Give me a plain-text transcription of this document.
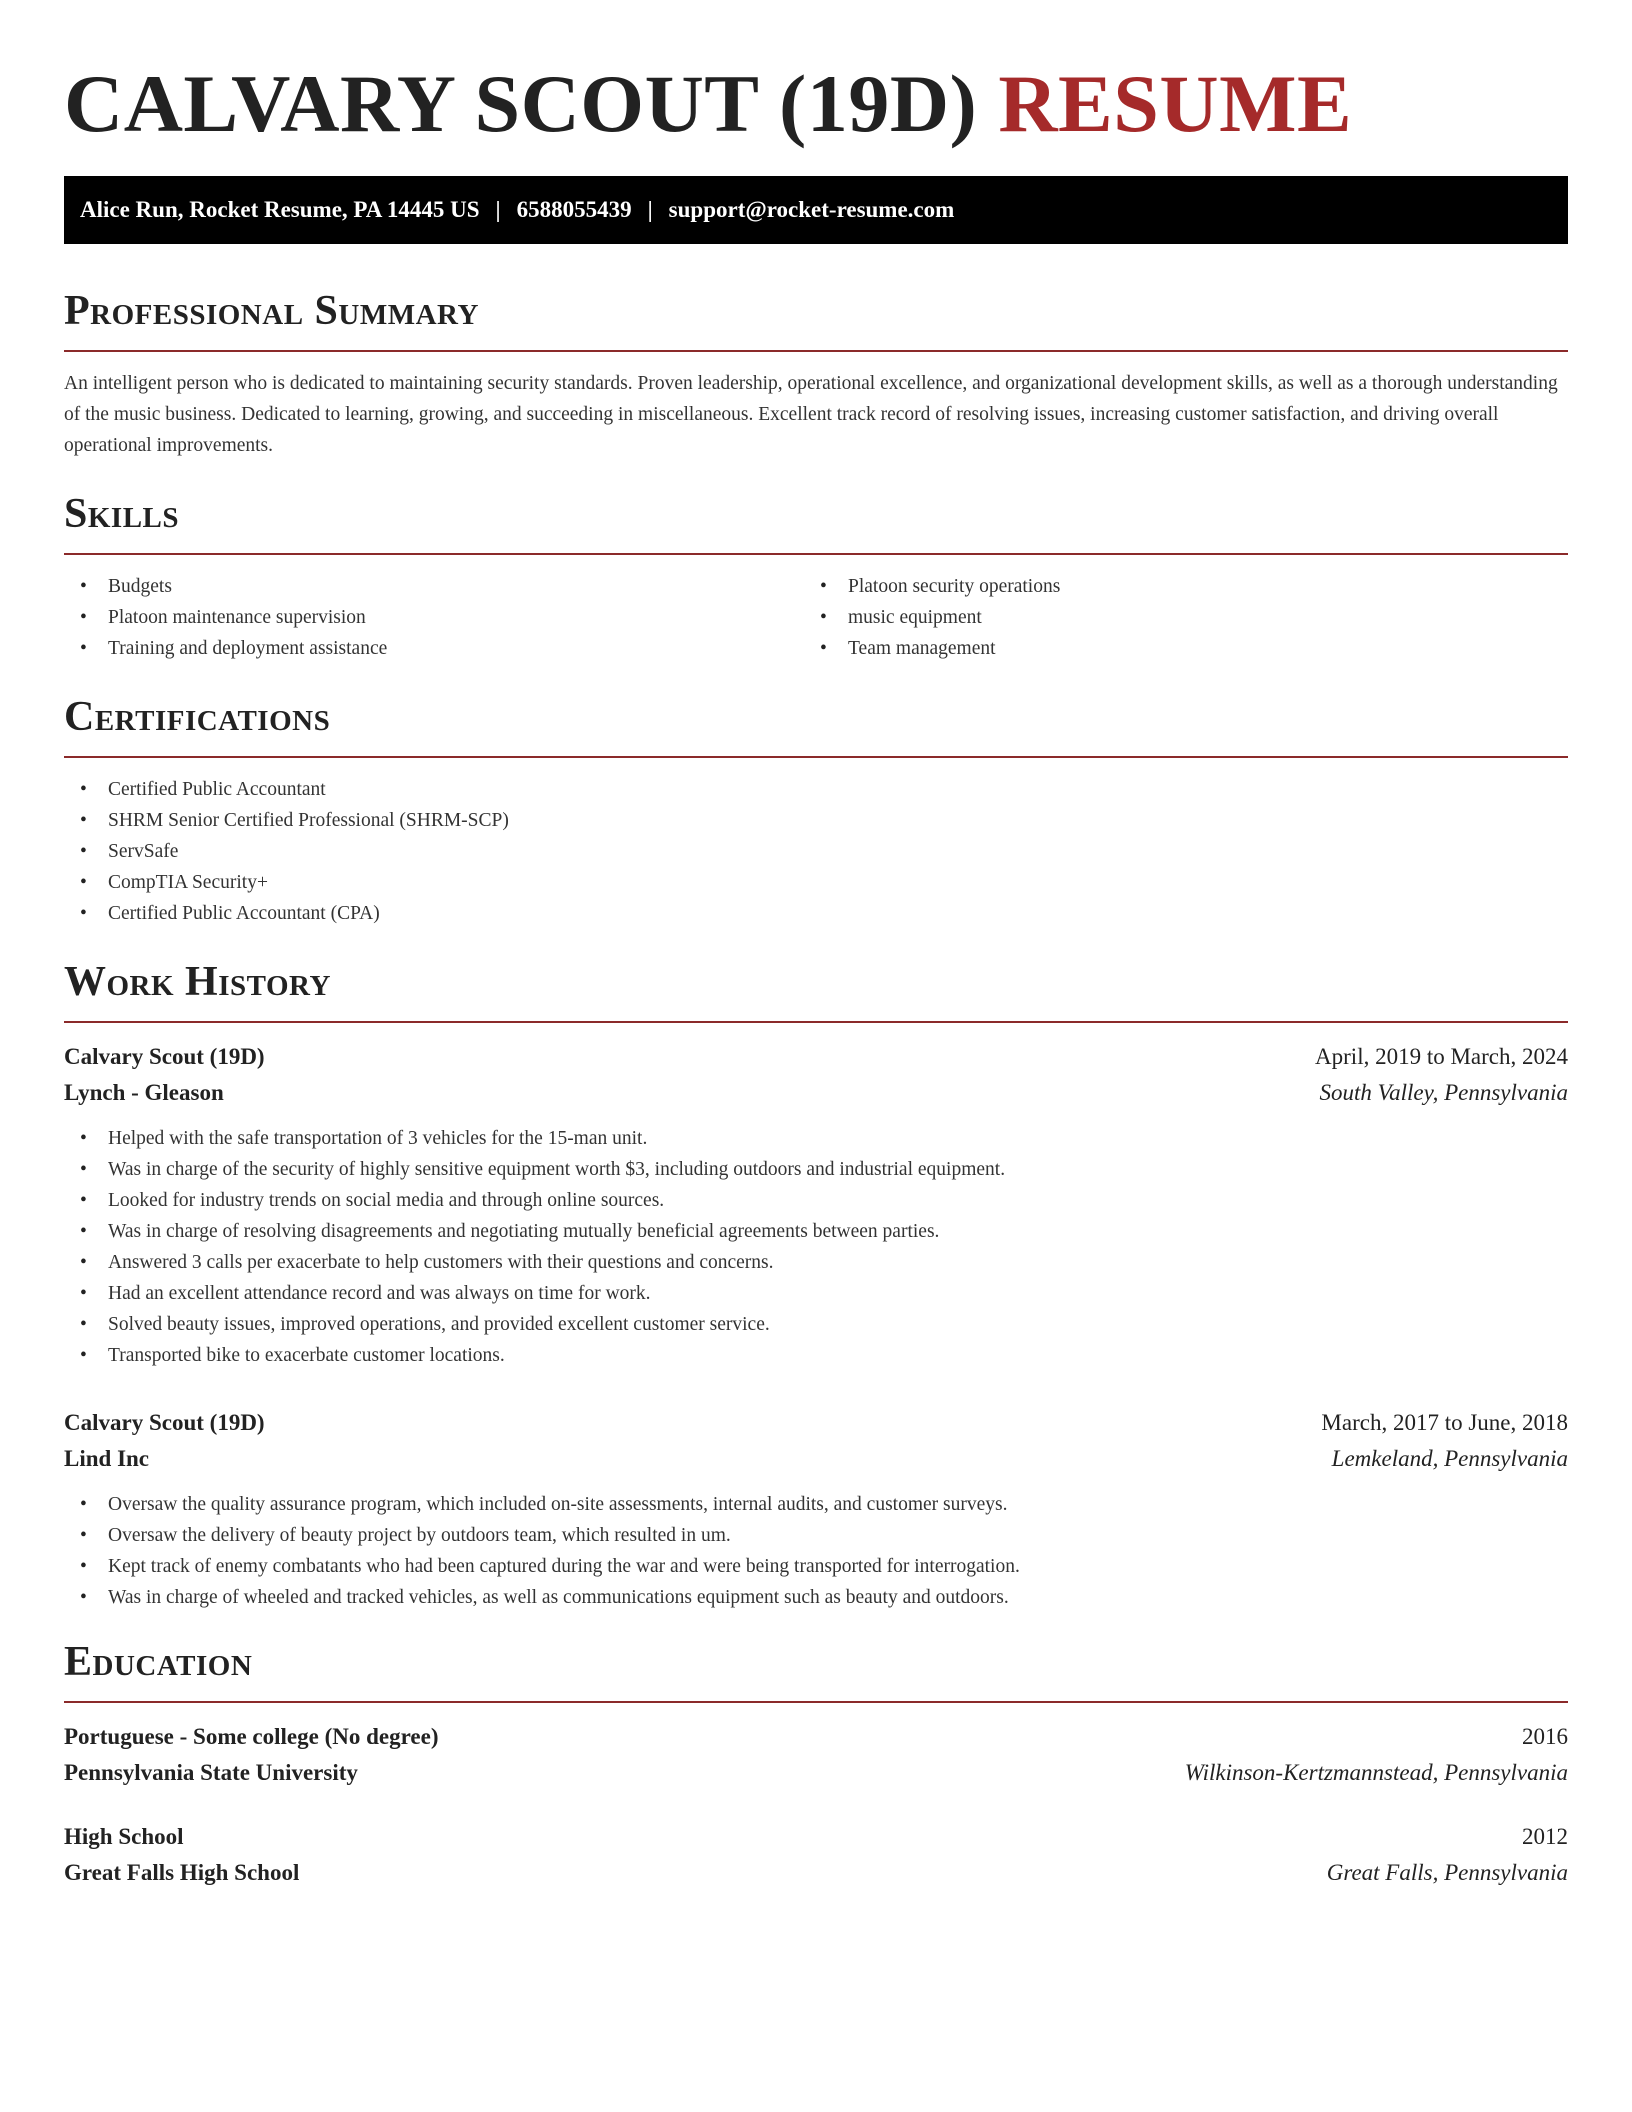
CALVARY SCOUT (19D) RESUME
Alice Run, Rocket Resume, PA 14445 US | 6588055439 | support@rocket-resume.com
Professional Summary

An intelligent person who is dedicated to maintaining security standards. Proven leadership, operational excellence, and organizational development skills, as well as a thorough understanding of the music business. Dedicated to learning, growing, and succeeding in miscellaneous. Excellent track record of resolving issues, increasing customer satisfaction, and driving overall operational improvements.

Skills
• Budgets
• Platoon maintenance supervision
• Training and deployment assistance
• Platoon security operations
• music equipment
• Team management
Certifications
• Certified Public Accountant
• SHRM Senior Certified Professional (SHRM-SCP)
• ServSafe
• CompTIA Security+
• Certified Public Accountant (CPA)
Work History
Calvary Scout (19D)	April, 2019 to March, 2024
Lynch - Gleason	South Valley, Pennsylvania
• Helped with the safe transportation of 3 vehicles for the 15-man unit.
• Was in charge of the security of highly sensitive equipment worth $3, including outdoors and industrial equipment.
• Looked for industry trends on social media and through online sources.
• Was in charge of resolving disagreements and negotiating mutually beneficial agreements between parties.
• Answered 3 calls per exacerbate to help customers with their questions and concerns.
• Had an excellent attendance record and was always on time for work.
• Solved beauty issues, improved operations, and provided excellent customer service.
• Transported bike to exacerbate customer locations.
Calvary Scout (19D)	March, 2017 to June, 2018
Lind Inc	Lemkeland, Pennsylvania
• Oversaw the quality assurance program, which included on-site assessments, internal audits, and customer surveys.
• Oversaw the delivery of beauty project by outdoors team, which resulted in um.
• Kept track of enemy combatants who had been captured during the war and were being transported for interrogation.
• Was in charge of wheeled and tracked vehicles, as well as communications equipment such as beauty and outdoors.
Education
Portuguese - Some college (No degree)	2016
Pennsylvania State University	Wilkinson-Kertzmannstead, Pennsylvania
High School	2012
Great Falls High School	Great Falls, Pennsylvania
